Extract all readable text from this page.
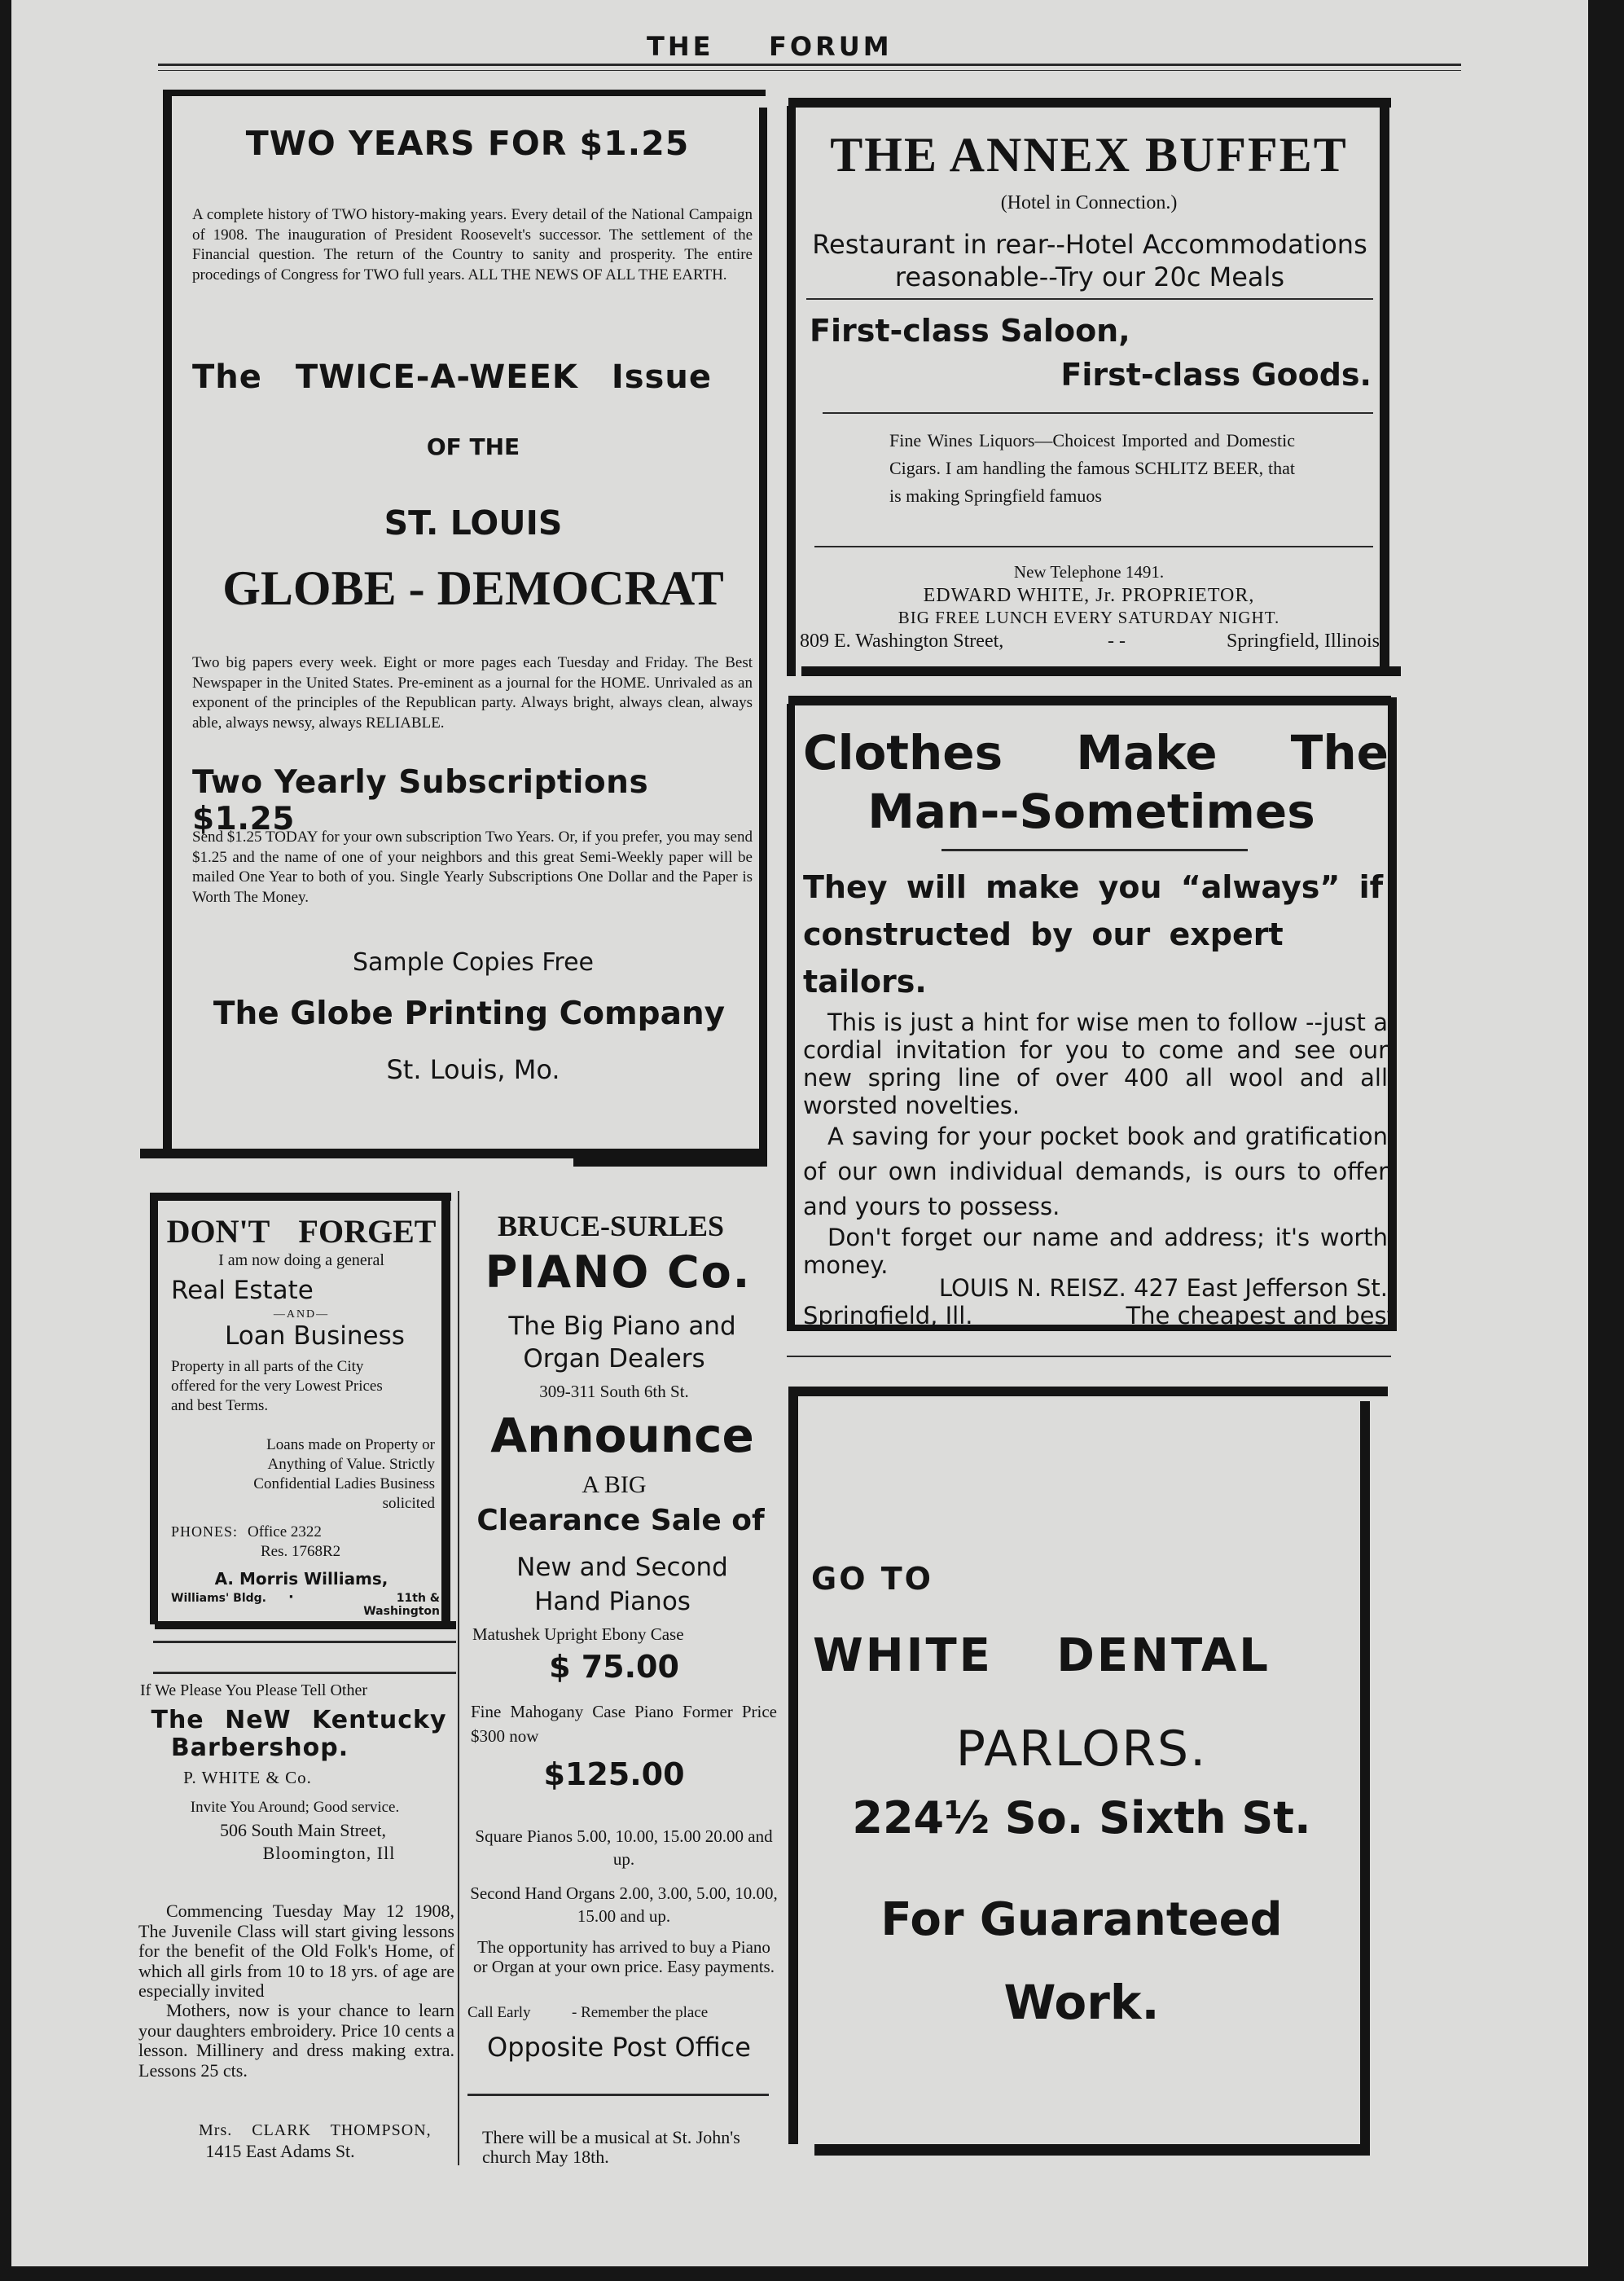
THE FORUM
TWO YEARS FOR $1.25
A complete history of TWO history-making years. Every detail of the National Campaign of 1908. The inauguration of President Roosevelt's successor. The settlement of the Financial question. The return of the Country to sanity and prosperity. The entire procedings of Congress for TWO full years. ALL THE NEWS OF ALL THE EARTH.
The TWICE-A-WEEK Issue
OF THE
ST. LOUIS
GLOBE - DEMOCRAT
Two big papers every week. Eight or more pages each Tuesday and Friday. The Best Newspaper in the United States. Pre-eminent as a journal for the HOME. Unrivaled as an exponent of the principles of the Republican party. Always bright, always clean, always able, always newsy, always RELIABLE.
Two Yearly Subscriptions $1.25
Send $1.25 TODAY for your own subscription Two Years. Or, if you prefer, you may send $1.25 and the name of one of your neighbors and this great Semi-Weekly paper will be mailed One Year to both of you. Single Yearly Subscriptions One Dollar and the Paper is Worth The Money.
Sample Copies Free
The Globe Printing Company
St. Louis, Mo.
THE ANNEX BUFFET
(Hotel in Connection.)
Restaurant in rear--Hotel Accommodations reasonable--Try our 20c Meals
First-class Saloon,
First-class Goods.
Fine Wines Liquors—Choicest Imported and Domestic Cigars. I am handling the famous SCHLITZ BEER, that is making Springfield famuos
New Telephone 1491.
EDWARD WHITE, Jr. PROPRIETOR,
BIG FREE LUNCH EVERY SATURDAY NIGHT.
809 E. Washington Street,	- -	Springfield, Illinois
Clothes Make The
Man--Sometimes
They will make you “always” if constructed by our expert tailors.
This is just a hint for wise men to follow --just a cordial invitation for you to come and see our new spring line of over 400 all wool and all worsted novelties.
A saving for your pocket book and gratification of our own individual demands, is ours to offer and yours to possess.
Don't forget our name and address; it's worth money.
LOUIS N. REISZ. 427 East Jefferson St.
Springfield, Ill.	The cheapest and best
DON'T FORGET
I am now doing a general
Real Estate
—AND—
Loan Business
Property in all parts of the City offered for the very Lowest Prices and best Terms.
Loans made on Property or Anything of Value. Strictly Confidential Ladies Business solicited
PHONES: Office 2322
Res. 1768R2
A. Morris Williams,
Williams' Bldg.	·	11th & Washington
If We Please You Please Tell Other
The NeW Kentucky
Barbershop.
P. WHITE & Co.
Invite You Around; Good service.
506 South Main Street,
Bloomington, Ill
Commencing Tuesday May 12 1908, The Juvenile Class will start giving lessons for the benefit of the Old Folk's Home, of which all girls from 10 to 18 yrs. of age are especially invited
Mothers, now is your chance to learn your daughters embroidery. Price 10 cents a lesson. Millinery and dress making extra. Lessons 25 cts.
Mrs. CLARK THOMPSON,
1415 East Adams St.
BRUCE-SURLES
PIANO Co.
The Big Piano and
Organ Dealers
309-311 South 6th St.
Announce
A BIG
Clearance Sale of
New and Second
Hand Pianos
Matushek Upright Ebony Case
$ 75.00
Fine Mahogany Case Piano Former Price $300 now
$125.00
Square Pianos 5.00, 10.00, 15.00 20.00 and up.
Second Hand Organs 2.00, 3.00, 5.00, 10.00, 15.00 and up.
The opportunity has arrived to buy a Piano or Organ at your own price. Easy payments.
Call Early	- Remember the place
Opposite Post Office
There will be a musical at St. John's church May 18th.
GO TO
WHITE DENTAL
PARLORS.
224½ So. Sixth St.
For Guaranteed
Work.
